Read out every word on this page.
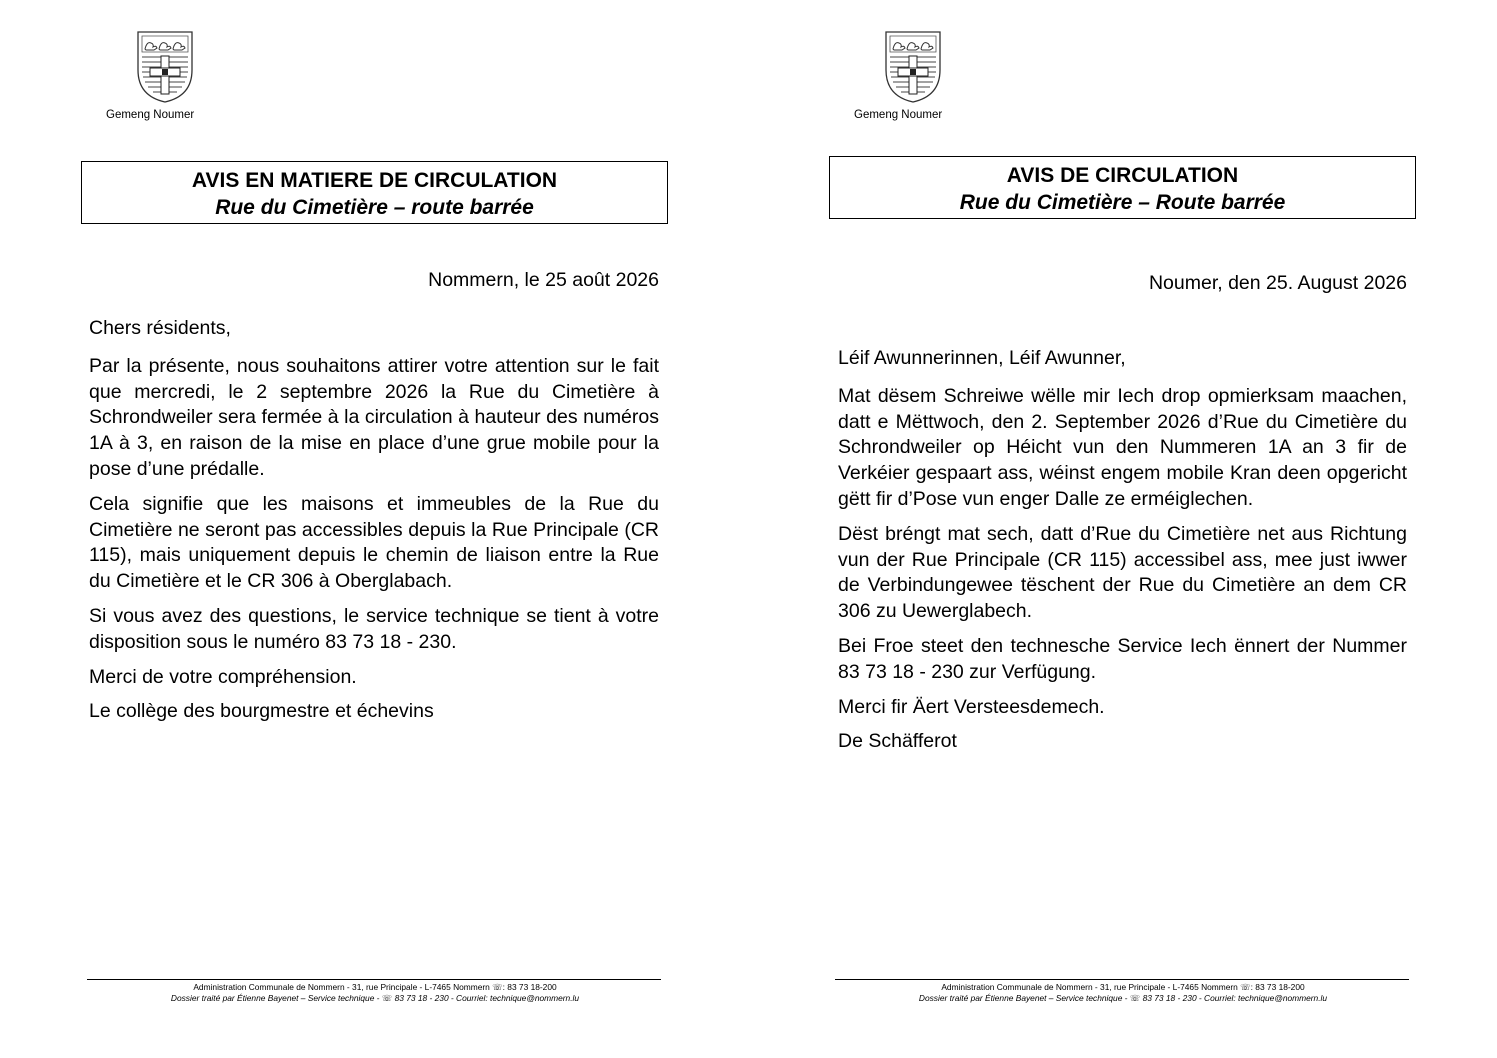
Gemeng Noumer
AVIS EN MATIERE DE CIRCULATION
Rue du Cimetière – route barrée
Nommern, le 25 août 2026

Chers résidents,

Par la présente, nous souhaitons attirer votre attention sur le fait que mercredi, le 2 septembre 2026 la Rue du Cimetière à Schrondweiler sera fermée à la circulation à hauteur des numéros 1A à 3, en raison de la mise en place d’une grue mobile pour la pose d’une prédalle.

Cela signifie que les maisons et immeubles de la Rue du Cimetière ne seront pas accessibles depuis la Rue Principale (CR 115), mais uniquement depuis le chemin de liaison entre la Rue du Cimetière et le CR 306 à Oberglabach.

Si vous avez des questions, le service technique se tient à votre disposition sous le numéro 83 73 18 - 230.

Merci de votre compréhension.

Le collège des bourgmestre et échevins

Administration Communale de Nommern - 31, rue Principale - L-7465 Nommern ☏: 83 73 18-200
Dossier traité par Étienne Bayenet – Service technique - ☏ 83 73 18 - 230 - Courriel: technique@nommern.lu
Gemeng Noumer
AVIS DE CIRCULATION
Rue du Cimetière – Route barrée
Noumer, den 25. August 2026

Léif Awunnerinnen, Léif Awunner,

Mat dësem Schreiwe wëlle mir Iech drop opmierksam maachen, datt e Mëttwoch, den 2. September 2026 d’Rue du Cimetière du Schrondweiler op Héicht vun den Nummeren 1A an 3 fir de Verkéier gespaart ass, wéinst engem mobile Kran deen opgericht gëtt fir d’Pose vun enger Dalle ze erméiglechen.

Dëst bréngt mat sech, datt d’Rue du Cimetière net aus Richtung vun der Rue Principale (CR 115) accessibel ass, mee just iwwer de Verbindungewee tëschent der Rue du Cimetière an dem CR 306 zu Uewerglabech.

Bei Froe steet den technesche Service Iech ënnert der Nummer 83 73 18 - 230 zur Verfügung.

Merci fir Äert Versteesdemech.

De Schäfferot

Administration Communale de Nommern - 31, rue Principale - L-7465 Nommern ☏: 83 73 18-200
Dossier traité par Étienne Bayenet – Service technique - ☏ 83 73 18 - 230 - Courriel: technique@nommern.lu
